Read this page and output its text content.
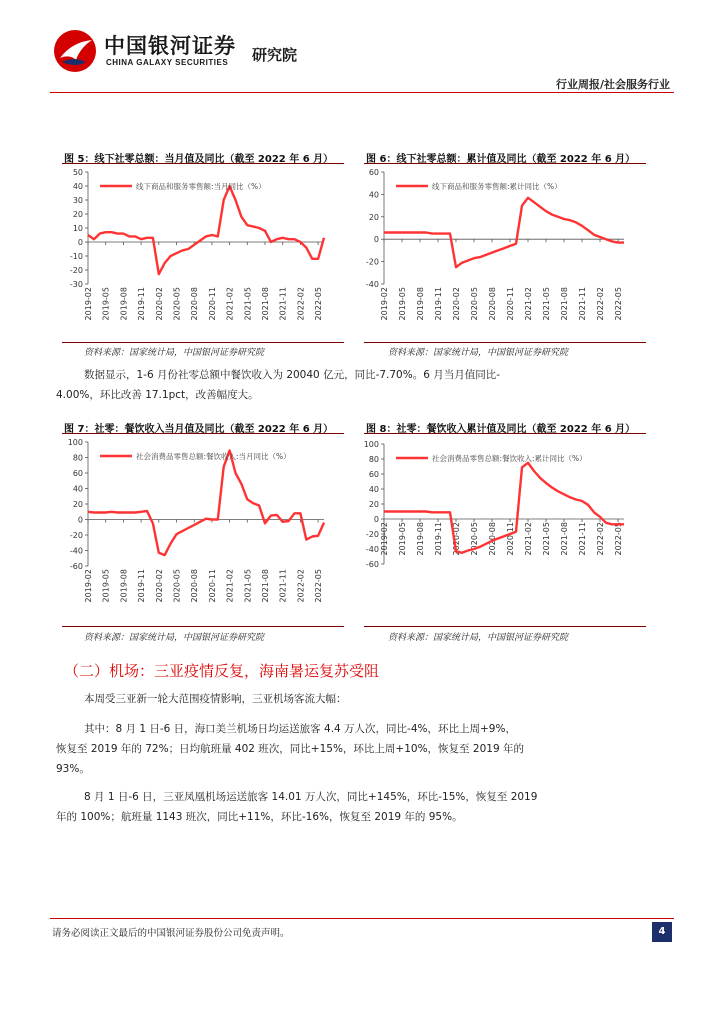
中国银河证券
CHINA GALAXY SECURITIES 研究院
行业周报/社会服务行业
图 5：线下社零总额：当月值及同比（截至 2022 年 6 月）	图 6：线下社零总额：累计值及同比（截至 2022 年 6 月）
图 7：社零：餐饮收入当月值及同比（截至 2022 年 6 月）	图 8：社零：餐饮收入累计值及同比（截至 2022 年 6 月）
50
40
30
20
10
0
-10
-20
-30
2019-02 2019-05 2019-08 2019-11 2020-02 2020-05 2020-08 2020-11 2021-02 2021-05 2021-08 2021-11 2022-02 2022-05
线下商品和服务零售额:当月同比（%）
60
40
20
0
-20
-40
2019-02 2019-05 2019-08 2019-11 2020-02 2020-05 2020-08 2020-11 2021-02 2021-05 2021-08 2021-11 2022-02 2022-05
线下商品和服务零售额:累计同比（%）
100
80
60
40
20
0
-20
-40
-60
2019-02 2019-05 2019-08 2019-11 2020-02 2020-05 2020-08 2020-11 2021-02 2021-05 2021-08 2021-11 2022-02 2022-05
社会消费品零售总额:餐饮收入:当月同比（%）
100
80
60
40
20
0
-20
-40
-60
2019-02 2019-05 2019-08 2019-11 2020-02 2020-05 2020-08 2020-11 2021-02 2021-05 2021-08 2021-11 2022-02 2022-05
社会消费品零售总额:餐饮收入:累计同比（%）
资料来源：国家统计局，中国银河证券研究院	资料来源：国家统计局，中国银河证券研究院
资料来源：国家统计局，中国银河证券研究院	资料来源：国家统计局，中国银河证券研究院
数据显示，1-6 月份社零总额中餐饮收入为 20040 亿元，同比-7.70%。6 月当月值同比-
4.00%，环比改善 17.1pct，改善幅度大。
（二）机场：三亚疫情反复，海南暑运复苏受阻
本周受三亚新一轮大范围疫情影响，三亚机场客流大幅：
其中：8 月 1 日-6 日，海口美兰机场日均运送旅客 4.4 万人次，同比-4%，环比上周+9%，
恢复至 2019 年的 72%；日均航班量 402 班次，同比+15%，环比上周+10%，恢复至 2019 年的
93%。
8 月 1 日-6 日，三亚凤凰机场运送旅客 14.01 万人次，同比+145%，环比-15%，恢复至 2019
年的 100%；航班量 1143 班次，同比+11%，环比-16%，恢复至 2019 年的 95%。
请务必阅读正文最后的中国银河证券股份公司免责声明。	4
